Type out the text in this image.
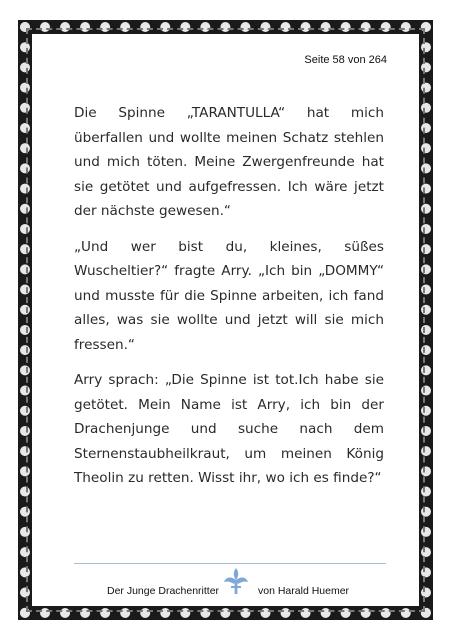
Seite 58 von 264

Die Spinne „TARANTULLA“ hat mich überfallen und wollte meinen Schatz stehlen und mich töten. Meine Zwergenfreunde hat sie getötet und aufgefressen. Ich wäre jetzt der nächste gewesen.“

„Und wer bist du, kleines, süßes Wuscheltier?“ fragte Arry. „Ich bin „DOMMY“ und musste für die Spinne arbeiten, ich fand alles, was sie wollte und jetzt will sie mich fressen.“

Arry sprach: „Die Spinne ist tot.Ich habe sie getötet. Mein Name ist Arry, ich bin der Drachenjunge und suche nach dem Sternenstaubheilkraut, um meinen König Theolin zu retten. Wisst ihr, wo ich es finde?“

Der Junge Drachenritter	von Harald Huemer
